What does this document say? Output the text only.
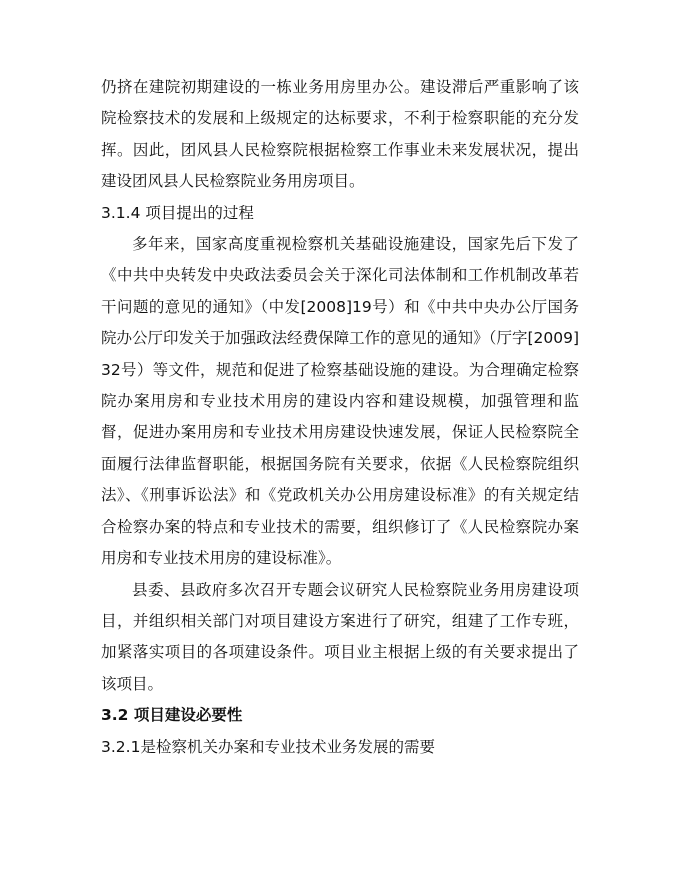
仍挤在建院初期建设的一栋业务用房里办公。建设滞后严重影响了该院检察技术的发展和上级规定的达标要求，不利于检察职能的充分发挥。因此，团风县人民检察院根据检察工作事业未来发展状况，提出建设团风县人民检察院业务用房项目。

3.1.4 项目提出的过程

多年来，国家高度重视检察机关基础设施建设，国家先后下发了《中共中央转发中央政法委员会关于深化司法体制和工作机制改革若干问题的意见的通知》（中发[2008]19号）和《中共中央办公厅国务院办公厅印发关于加强政法经费保障工作的意见的通知》（厅字[2009]32号）等文件，规范和促进了检察基础设施的建设。为合理确定检察院办案用房和专业技术用房的建设内容和建设规模，加强管理和监督，促进办案用房和专业技术用房建设快速发展，保证人民检察院全面履行法律监督职能，根据国务院有关要求，依据《人民检察院组织法》、《刑事诉讼法》和《党政机关办公用房建设标准》的有关规定结合检察办案的特点和专业技术的需要，组织修订了《人民检察院办案用房和专业技术用房的建设标准》。

县委、县政府多次召开专题会议研究人民检察院业务用房建设项目，并组织相关部门对项目建设方案进行了研究，组建了工作专班，加紧落实项目的各项建设条件。项目业主根据上级的有关要求提出了该项目。

3.2 项目建设必要性

3.2.1是检察机关办案和专业技术业务发展的需要
